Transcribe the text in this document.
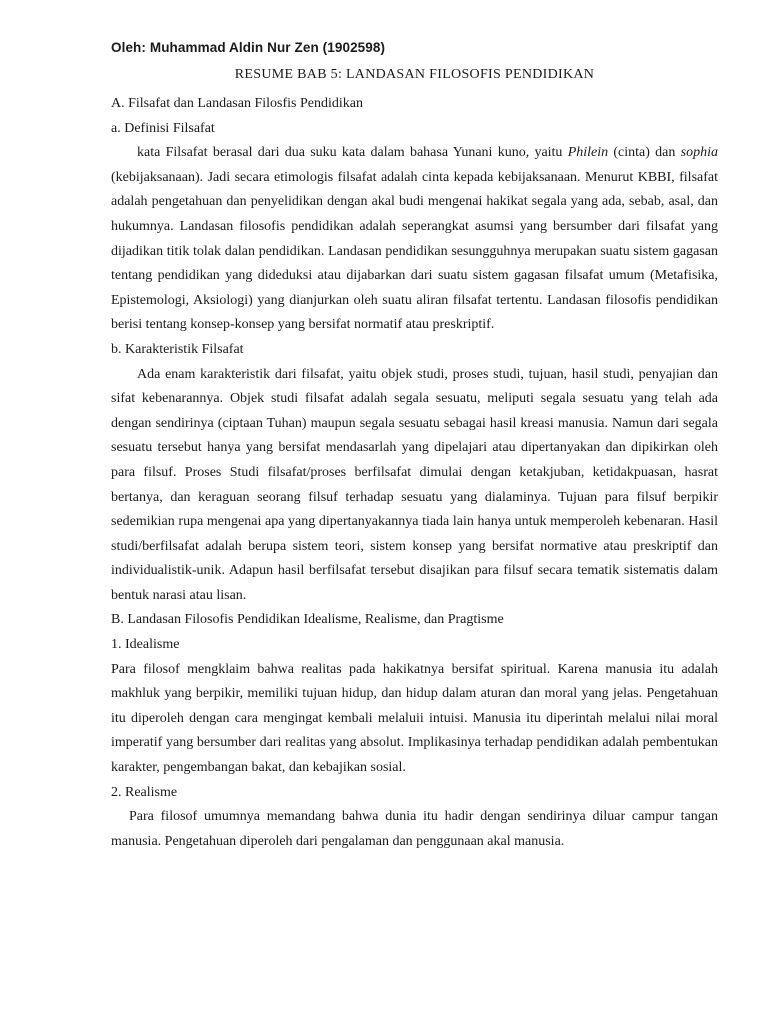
Oleh: Muhammad Aldin Nur Zen (1902598)
RESUME BAB 5: LANDASAN FILOSOFIS PENDIDIKAN

A. Filsafat dan Landasan Filosfis Pendidikan

a. Definisi Filsafat

kata Filsafat berasal dari dua suku kata dalam bahasa Yunani kuno, yaitu Philein (cinta) dan sophia (kebijaksanaan). Jadi secara etimologis filsafat adalah cinta kepada kebijaksanaan. Menurut KBBI, filsafat adalah pengetahuan dan penyelidikan dengan akal budi mengenai hakikat segala yang ada, sebab, asal, dan hukumnya. Landasan filosofis pendidikan adalah seperangkat asumsi yang bersumber dari filsafat yang dijadikan titik tolak dalan pendidikan. Landasan pendidikan sesungguhnya merupakan suatu sistem gagasan tentang pendidikan yang dideduksi atau dijabarkan dari suatu sistem gagasan filsafat umum (Metafisika, Epistemologi, Aksiologi) yang dianjurkan oleh suatu aliran filsafat tertentu. Landasan filosofis pendidikan berisi tentang konsep-konsep yang bersifat normatif atau preskriptif.

b. Karakteristik Filsafat

Ada enam karakteristik dari filsafat, yaitu objek studi, proses studi, tujuan, hasil studi, penyajian dan sifat kebenarannya. Objek studi filsafat adalah segala sesuatu, meliputi segala sesuatu yang telah ada dengan sendirinya (ciptaan Tuhan) maupun segala sesuatu sebagai hasil kreasi manusia. Namun dari segala sesuatu tersebut hanya yang bersifat mendasarlah yang dipelajari atau dipertanyakan dan dipikirkan oleh para filsuf. Proses Studi filsafat/proses berfilsafat dimulai dengan ketakjuban, ketidakpuasan, hasrat bertanya, dan keraguan seorang filsuf terhadap sesuatu yang dialaminya. Tujuan para filsuf berpikir sedemikian rupa mengenai apa yang dipertanyakannya tiada lain hanya untuk memperoleh kebenaran. Hasil studi/berfilsafat adalah berupa sistem teori, sistem konsep yang bersifat normative atau preskriptif dan individualistik-unik. Adapun hasil berfilsafat tersebut disajikan para filsuf secara tematik sistematis dalam bentuk narasi atau lisan.

B. Landasan Filosofis Pendidikan Idealisme, Realisme, dan Pragtisme

1. Idealisme

Para filosof mengklaim bahwa realitas pada hakikatnya bersifat spiritual. Karena manusia itu adalah makhluk yang berpikir, memiliki tujuan hidup, dan hidup dalam aturan dan moral yang jelas. Pengetahuan itu diperoleh dengan cara mengingat kembali melaluii intuisi. Manusia itu diperintah melalui nilai moral imperatif yang bersumber dari realitas yang absolut. Implikasinya terhadap pendidikan adalah pembentukan karakter, pengembangan bakat, dan kebajikan sosial.

2. Realisme

Para filosof umumnya memandang bahwa dunia itu hadir dengan sendirinya diluar campur tangan manusia. Pengetahuan diperoleh dari pengalaman dan penggunaan akal manusia.
